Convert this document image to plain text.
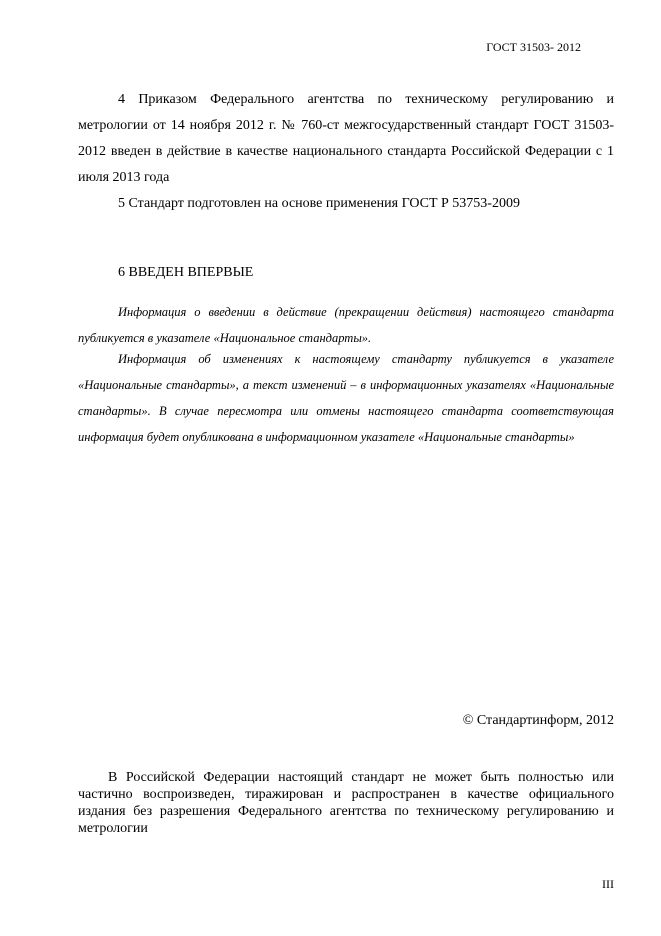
ГОСТ 31503- 2012
4 Приказом Федерального агентства по техническому регулированию и метрологии от 14 ноября 2012 г. № 760-ст межгосударственный стандарт ГОСТ 31503-2012 введен в действие в качестве национального стандарта Российской Федерации с 1 июля 2013 года
5 Стандарт подготовлен на основе применения ГОСТ Р 53753-2009
6 ВВЕДЕН ВПЕРВЫЕ
Информация о введении в действие (прекращении действия) настоящего стандарта публикуется в указателе «Национальное стандарты».
Информация об изменениях к настоящему стандарту публикуется в указателе «Национальные стандарты», а текст изменений – в информационных указателях «Национальные стандарты». В случае пересмотра или отмены настоящего стандарта соответствующая информация будет опубликована в информационном указателе «Национальные стандарты»
© Стандартинформ, 2012
В Российской Федерации настоящий стандарт не может быть полностью или частично воспроизведен, тиражирован и распространен в качестве официального издания без разрешения Федерального агентства по техническому регулированию и метрологии
III
